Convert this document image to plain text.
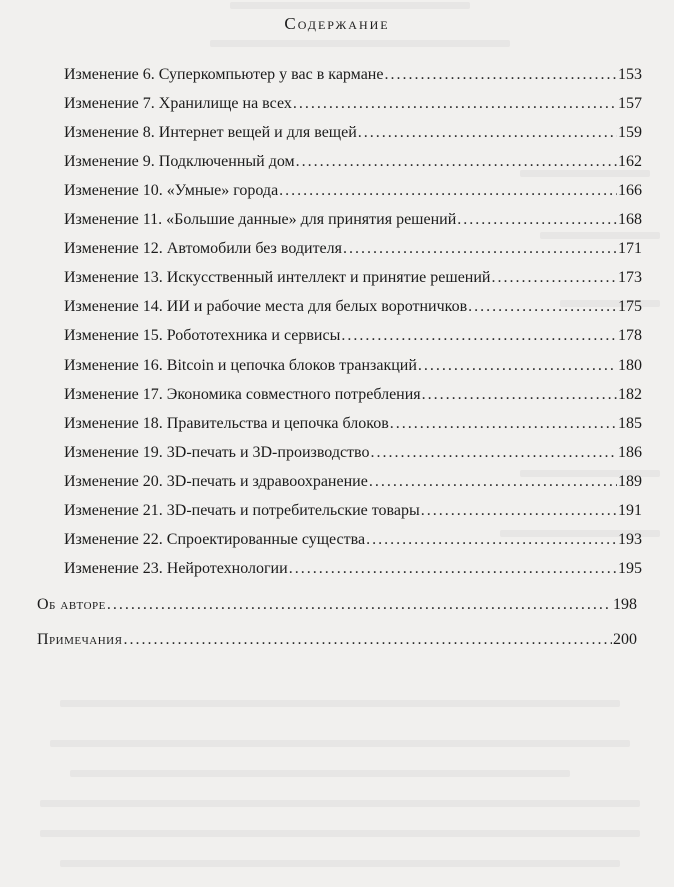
Содержание
Изменение 6. Суперкомпьютер у вас в кармане . . .	153
Изменение 7. Хранилище на всех . . .	157
Изменение 8. Интернет вещей и для вещей . . .	159
Изменение 9. Подключенный дом . . .	162
Изменение 10. «Умные» города . . .	166
Изменение 11. «Большие данные» для принятия решений . . .	168
Изменение 12. Автомобили без водителя . . .	171
Изменение 13. Искусственный интеллект и принятие решений . . .	173
Изменение 14. ИИ и рабочие места для белых воротничков . . .	175
Изменение 15. Робототехника и сервисы . . .	178
Изменение 16. Bitcoin и цепочка блоков транзакций . . .	180
Изменение 17. Экономика совместного потребления . . .	182
Изменение 18. Правительства и цепочка блоков . . .	185
Изменение 19. 3D-печать и 3D-производство . . .	186
Изменение 20. 3D-печать и здравоохранение . . .	189
Изменение 21. 3D-печать и потребительские товары . . .	191
Изменение 22. Спроектированные существа . . .	193
Изменение 23. Нейротехнологии . . .	195
Об авторе . . .	198
Примечания . . .	200
